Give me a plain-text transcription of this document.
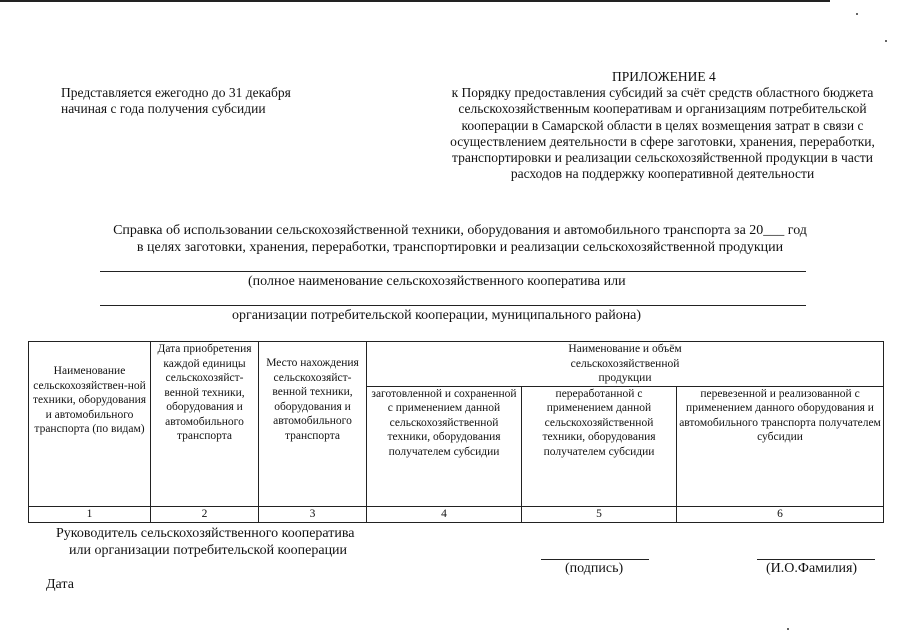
Представляется ежегодно до 31 декабря
начиная с года получения субсидии
ПРИЛОЖЕНИЕ 4
к Порядку предоставления субсидий за счёт средств областного бюджета сельскохозяйственным кооперативам и организациям потребительской кооперации в Самарской области в целях возмещения затрат в связи с осуществлением деятельности в сфере заготовки, хранения, переработки, транспортировки и реализации сельскохозяйственной продукции в части расходов на поддержку кооперативной деятельности
Справка об использовании сельскохозяйственной техники, оборудования и автомобильного транспорта за 20___ год
в целях заготовки, хранения, переработки, транспортировки и реализации сельскохозяйственной продукции
(полное наименование сельскохозяйственного кооператива или
организации потребительской кооперации, муниципального района)
Наименование сельскохозяйствен-ной техники, оборудования и автомобильного транспорта (по видам)	Дата приобретения каждой единицы сельскохозяйст-венной техники, оборудования и автомобильного транспорта	Место нахождения сельскохозяйст-венной техники, оборудования и автомобильного транспорта	Наименование и объём сельскохозяйственной продукции		
			заготовленной и сохраненной с применением данной сельскохозяйственной техники, оборудования получателем субсидии	переработанной с применением данной сельскохозяйственной техники, оборудования получателем субсидии	перевезенной и реализованной с применением данного оборудования и автомобильного транспорта получателем субсидии
1	2	3	4	5	6
Руководитель сельскохозяйственного кооператива
или организации потребительской кооперации
(подпись)	(И.О.Фамилия)
Дата
